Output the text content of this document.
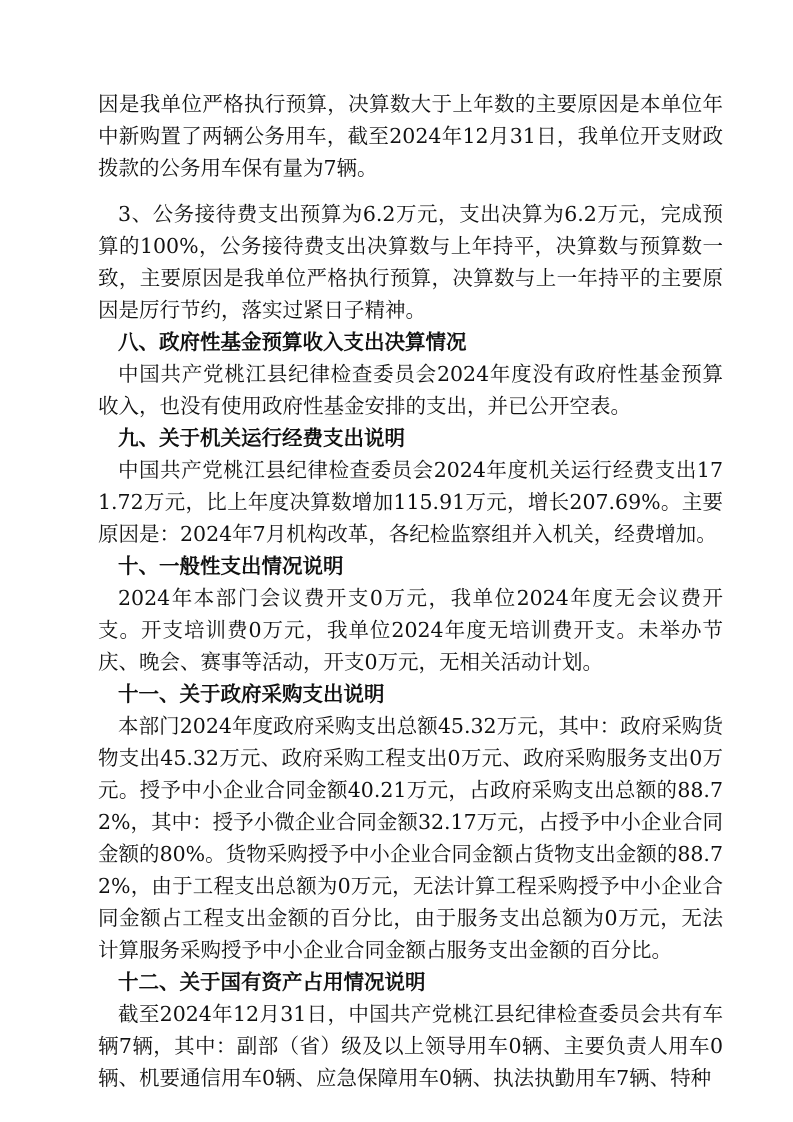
因是我单位严格执行预算，决算数大于上年数的主要原因是本单位年中新购置了两辆公务用车，截至2024年12月31日，我单位开支财政拨款的公务用车保有量为7辆。

3、公务接待费支出预算为6.2万元，支出决算为6.2万元，完成预算的100%，公务接待费支出决算数与上年持平，决算数与预算数一致，主要原因是我单位严格执行预算，决算数与上一年持平的主要原因是厉行节约，落实过紧日子精神。

八、政府性基金预算收入支出决算情况

中国共产党桃江县纪律检查委员会2024年度没有政府性基金预算收入，也没有使用政府性基金安排的支出，并已公开空表。

九、关于机关运行经费支出说明

中国共产党桃江县纪律检查委员会2024年度机关运行经费支出171.72万元，比上年度决算数增加115.91万元，增长207.69%。主要原因是：2024年7月机构改革，各纪检监察组并入机关，经费增加。

十、一般性支出情况说明

2024年本部门会议费开支0万元，我单位2024年度无会议费开支。开支培训费0万元，我单位2024年度无培训费开支。未举办节庆、晚会、赛事等活动，开支0万元，无相关活动计划。

十一、关于政府采购支出说明

本部门2024年度政府采购支出总额45.32万元，其中：政府采购货物支出45.32万元、政府采购工程支出0万元、政府采购服务支出0万元。授予中小企业合同金额40.21万元，占政府采购支出总额的88.72%，其中：授予小微企业合同金额32.17万元，占授予中小企业合同金额的80%。货物采购授予中小企业合同金额占货物支出金额的88.72%，由于工程支出总额为0万元，无法计算工程采购授予中小企业合同金额占工程支出金额的百分比，由于服务支出总额为0万元，无法计算服务采购授予中小企业合同金额占服务支出金额的百分比。

十二、关于国有资产占用情况说明

截至2024年12月31日，中国共产党桃江县纪律检查委员会共有车辆7辆，其中：副部（省）级及以上领导用车0辆、主要负责人用车0辆、机要通信用车0辆、应急保障用车0辆、执法执勤用车7辆、特种
